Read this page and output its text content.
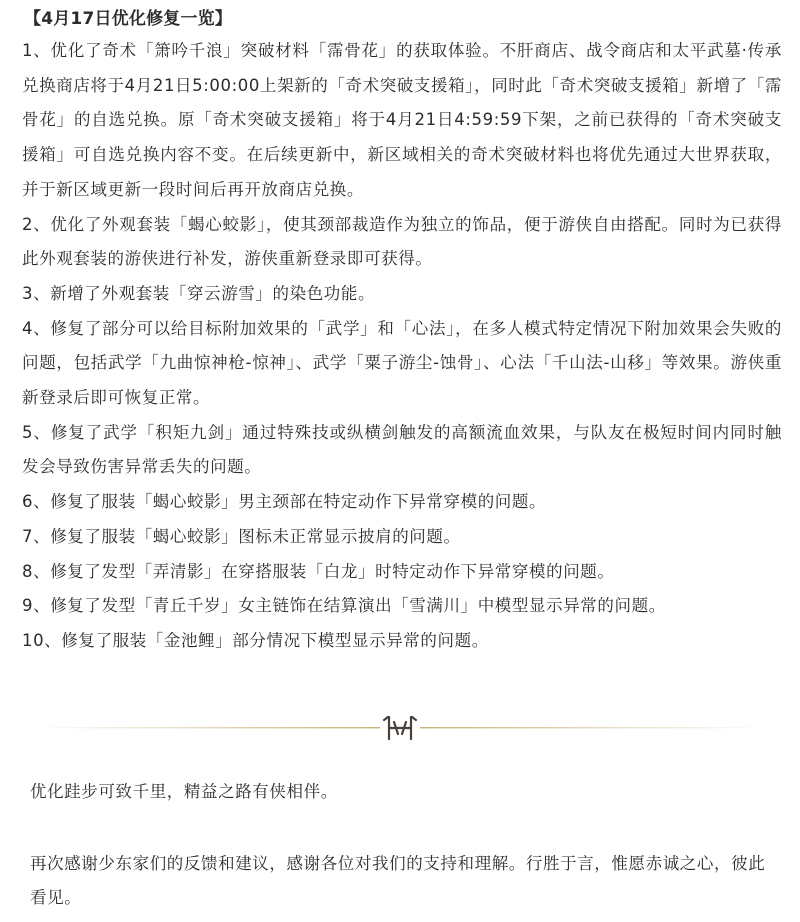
【4月17日优化修复一览】
1、优化了奇术「箫吟千浪」突破材料「霈骨花」的获取体验。不肝商店、战令商店和太平武墓·传承兑换商店将于4月21日5:00:00上架新的「奇术突破支援箱」，同时此「奇术突破支援箱」新增了「霈骨花」的自选兑换。原「奇术突破支援箱」将于4月21日4:59:59下架，之前已获得的「奇术突破支援箱」可自选兑换内容不变。在后续更新中，新区域相关的奇术突破材料也将优先通过大世界获取，并于新区域更新一段时间后再开放商店兑换。
2、优化了外观套装「蝎心蛟影」，使其颈部裁造作为独立的饰品，便于游侠自由搭配。同时为已获得此外观套装的游侠进行补发，游侠重新登录即可获得。
3、新增了外观套装「穿云游雪」的染色功能。
4、修复了部分可以给目标附加效果的「武学」和「心法」，在多人模式特定情况下附加效果会失败的问题，包括武学「九曲惊神枪-惊神」、武学「粟子游尘-蚀骨」、心法「千山法-山移」等效果。游侠重新登录后即可恢复正常。
5、修复了武学「积矩九剑」通过特殊技或纵横剑触发的高额流血效果，与队友在极短时间内同时触发会导致伤害异常丢失的问题。
6、修复了服装「蝎心蛟影」男主颈部在特定动作下异常穿模的问题。
7、修复了服装「蝎心蛟影」图标未正常显示披肩的问题。
8、修复了发型「弄清影」在穿搭服装「白龙」时特定动作下异常穿模的问题。
9、修复了发型「青丘千岁」女主链饰在结算演出「雪满川」中模型显示异常的问题。
10、修复了服装「金池鲤」部分情况下模型显示异常的问题。
优化跬步可致千里，精益之路有侠相伴。
再次感谢少东家们的反馈和建议，感谢各位对我们的支持和理解。行胜于言，惟愿赤诚之心，彼此看见。
